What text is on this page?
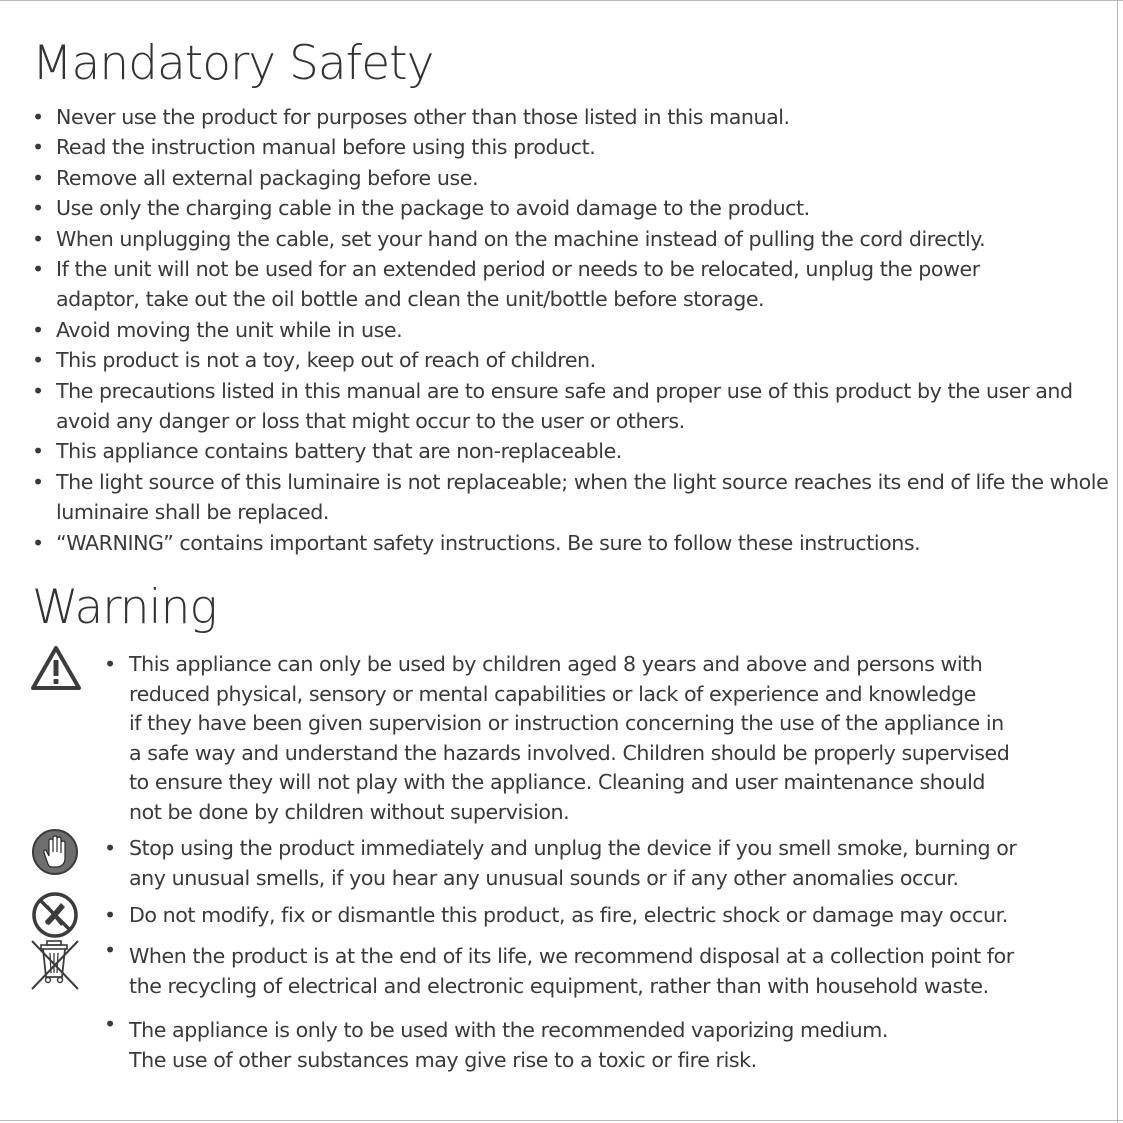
Mandatory Safety
• Never use the product for purposes other than those listed in this manual.
• Read the instruction manual before using this product.
• Remove all external packaging before use.
• Use only the charging cable in the package to avoid damage to the product.
• When unplugging the cable, set your hand on the machine instead of pulling the cord directly.
• If the unit will not be used for an extended period or needs to be relocated, unplug the power adaptor, take out the oil bottle and clean the unit/bottle before storage.
• Avoid moving the unit while in use.
• This product is not a toy, keep out of reach of children.
• The precautions listed in this manual are to ensure safe and proper use of this product by the user and avoid any danger or loss that might occur to the user or others.
• This appliance contains battery that are non-replaceable.
• The light source of this luminaire is not replaceable; when the light source reaches its end of life the whole luminaire shall be replaced.
• “WARNING” contains important safety instructions. Be sure to follow these instructions.
Warning
• This appliance can only be used by children aged 8 years and above and persons with
reduced physical, sensory or mental capabilities or lack of experience and knowledge
if they have been given supervision or instruction concerning the use of the appliance in
a safe way and understand the hazards involved. Children should be properly supervised
to ensure they will not play with the appliance. Cleaning and user maintenance should
not be done by children without supervision.
• Stop using the product immediately and unplug the device if you smell smoke, burning or
any unusual smells, if you hear any unusual sounds or if any other anomalies occur.
• Do not modify, fix or dismantle this product, as fire, electric shock or damage may occur.
• When the product is at the end of its life, we recommend disposal at a collection point for
the recycling of electrical and electronic equipment, rather than with household waste.
• The appliance is only to be used with the recommended vaporizing medium.
The use of other substances may give rise to a toxic or fire risk.
